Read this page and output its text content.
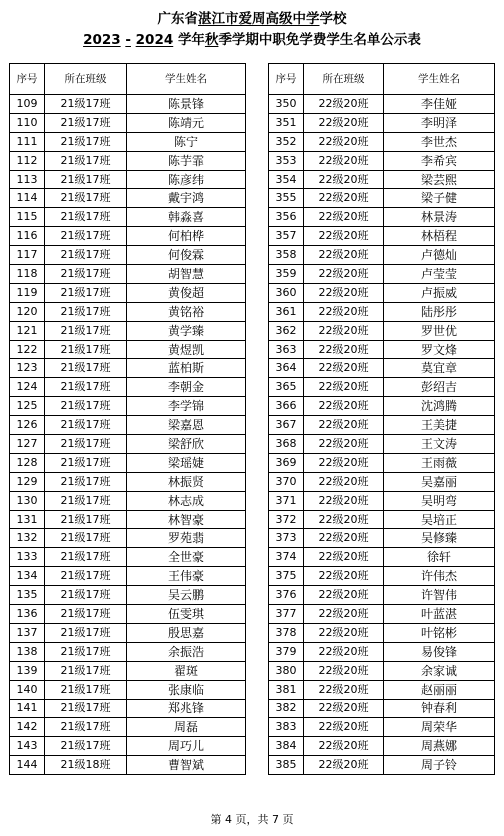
广东省湛江市爱周高级中学学校
2023 - 2024 学年秋季学期中职免学费学生名单公示表
序号	所在班级	学生姓名
109	21级17班	陈景锋
110	21级17班	陈靖元
111	21级17班	陈宁
112	21级17班	陈芋霏
113	21级17班	陈彦纬
114	21级17班	戴宇鸿
115	21级17班	韩淼喜
116	21级17班	何柏桦
117	21级17班	何俊霖
118	21级17班	胡智慧
119	21级17班	黄俊超
120	21级17班	黄铭裕
121	21级17班	黄学臻
122	21级17班	黄煜凯
123	21级17班	蓝柏斯
124	21级17班	李朝金
125	21级17班	李学锦
126	21级17班	梁嘉恩
127	21级17班	梁舒欣
128	21级17班	梁瑶婕
129	21级17班	林振贤
130	21级17班	林志成
131	21级17班	林智豪
132	21级17班	罗苑翡
133	21级17班	全世豪
134	21级17班	王伟豪
135	21级17班	吴云鹏
136	21级17班	伍雯琪
137	21级17班	殷思嘉
138	21级17班	余振浩
139	21级17班	翟斑
140	21级17班	张康临
141	21级17班	郑兆锋
142	21级17班	周磊
143	21级17班	周巧儿
144	21级18班	曹智斌
序号	所在班级	学生姓名
350	22级20班	李佳娅
351	22级20班	李明泽
352	22级20班	李世杰
353	22级20班	李希宾
354	22级20班	梁芸熙
355	22级20班	梁子健
356	22级20班	林景涛
357	22级20班	林梧程
358	22级20班	卢德灿
359	22级20班	卢莹莹
360	22级20班	卢振威
361	22级20班	陆彤彤
362	22级20班	罗世优
363	22级20班	罗文烽
364	22级20班	莫宜章
365	22级20班	彭绍吉
366	22级20班	沈鸿腾
367	22级20班	王美捷
368	22级20班	王文涛
369	22级20班	王雨薇
370	22级20班	吴嘉丽
371	22级20班	吴明弯
372	22级20班	吴培正
373	22级20班	吴修臻
374	22级20班	徐轩
375	22级20班	许伟杰
376	22级20班	许智伟
377	22级20班	叶蓝湛
378	22级20班	叶铭彬
379	22级20班	易俊锋
380	22级20班	余家诚
381	22级20班	赵丽丽
382	22级20班	钟春利
383	22级20班	周荣华
384	22级20班	周燕娜
385	22级20班	周子铃
第 4 页，共 7 页
